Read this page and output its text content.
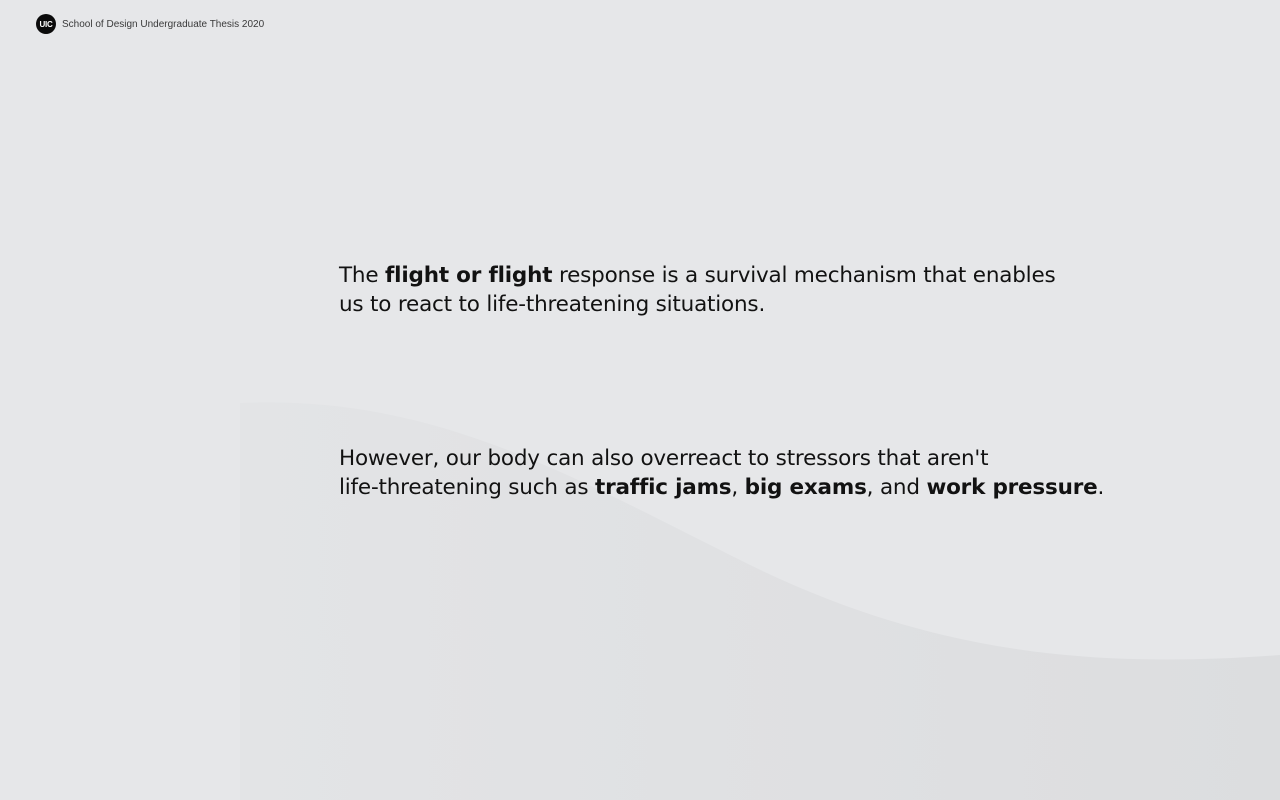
UIC School of Design Undergraduate Thesis 2020

The flight or flight response is a survival mechanism that enables
us to react to life-threatening situations.

However, our body can also overreact to stressors that aren't
life-threatening such as traffic jams, big exams, and work pressure.
